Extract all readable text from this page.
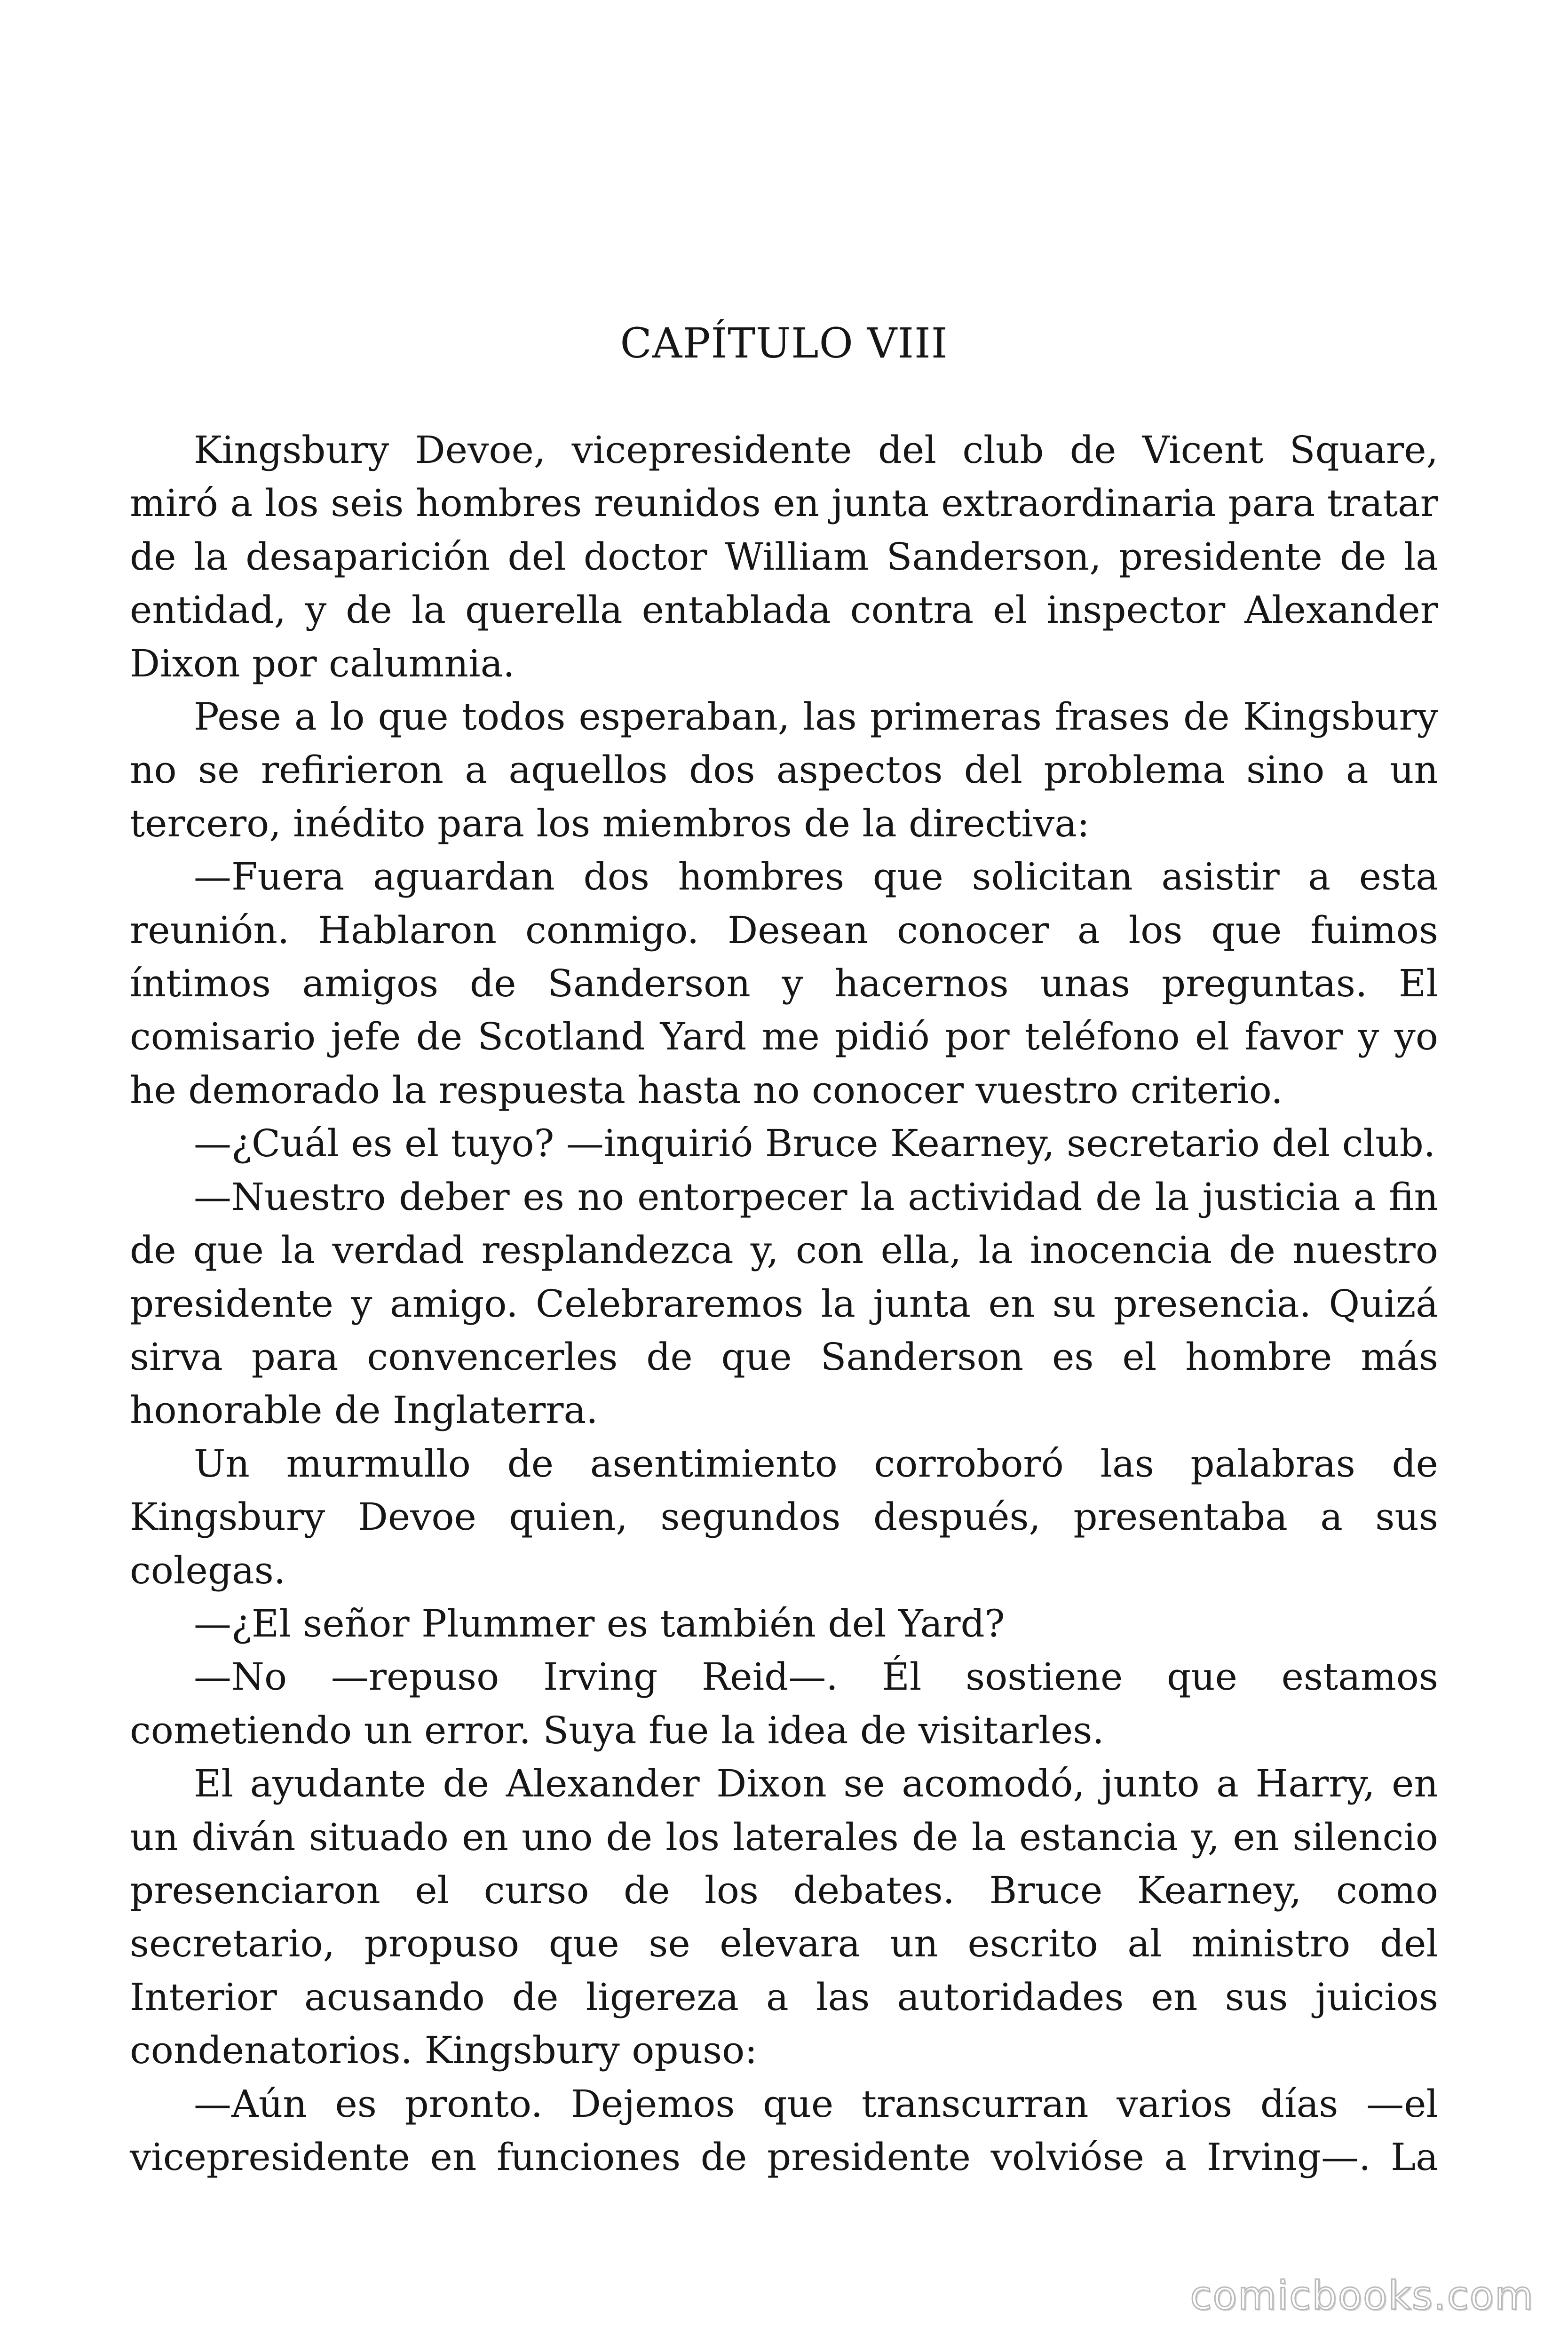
CAPÍTULO VIII

Kingsbury Devoe, vicepresidente del club de Vicent Square, miró a los seis hombres reunidos en junta extraordinaria para tratar de la desaparición del doctor William Sanderson, presidente de la entidad, y de la querella entablada contra el inspector Alexander Dixon por calumnia.

Pese a lo que todos esperaban, las primeras frases de Kingsbury no se refirieron a aquellos dos aspectos del problema sino a un tercero, inédito para los miembros de la directiva:

—Fuera aguardan dos hombres que solicitan asistir a esta reunión. Hablaron conmigo. Desean conocer a los que fuimos íntimos amigos de Sanderson y hacernos unas preguntas. El comisario jefe de Scotland Yard me pidió por teléfono el favor y yo he demorado la respuesta hasta no conocer vuestro criterio.

—¿Cuál es el tuyo? —inquirió Bruce Kearney, secretario del club.

—Nuestro deber es no entorpecer la actividad de la justicia a fin de que la verdad resplandezca y, con ella, la inocencia de nuestro presidente y amigo. Celebraremos la junta en su presencia. Quizá sirva para convencerles de que Sanderson es el hombre más honorable de Inglaterra.

Un murmullo de asentimiento corroboró las palabras de Kingsbury Devoe quien, segundos después, presentaba a sus colegas.

—¿El señor Plummer es también del Yard?

—No —repuso Irving Reid—. Él sostiene que estamos cometiendo un error. Suya fue la idea de visitarles.

El ayudante de Alexander Dixon se acomodó, junto a Harry, en un diván situado en uno de los laterales de la estancia y, en silencio presenciaron el curso de los debates. Bruce Kearney, como secretario, propuso que se elevara un escrito al ministro del Interior acusando de ligereza a las autoridades en sus juicios condenatorios. Kingsbury opuso:

—Aún es pronto. Dejemos que transcurran varios días —el vicepresidente en funciones de presidente volvióse a Irving—. La

comicbooks.com
